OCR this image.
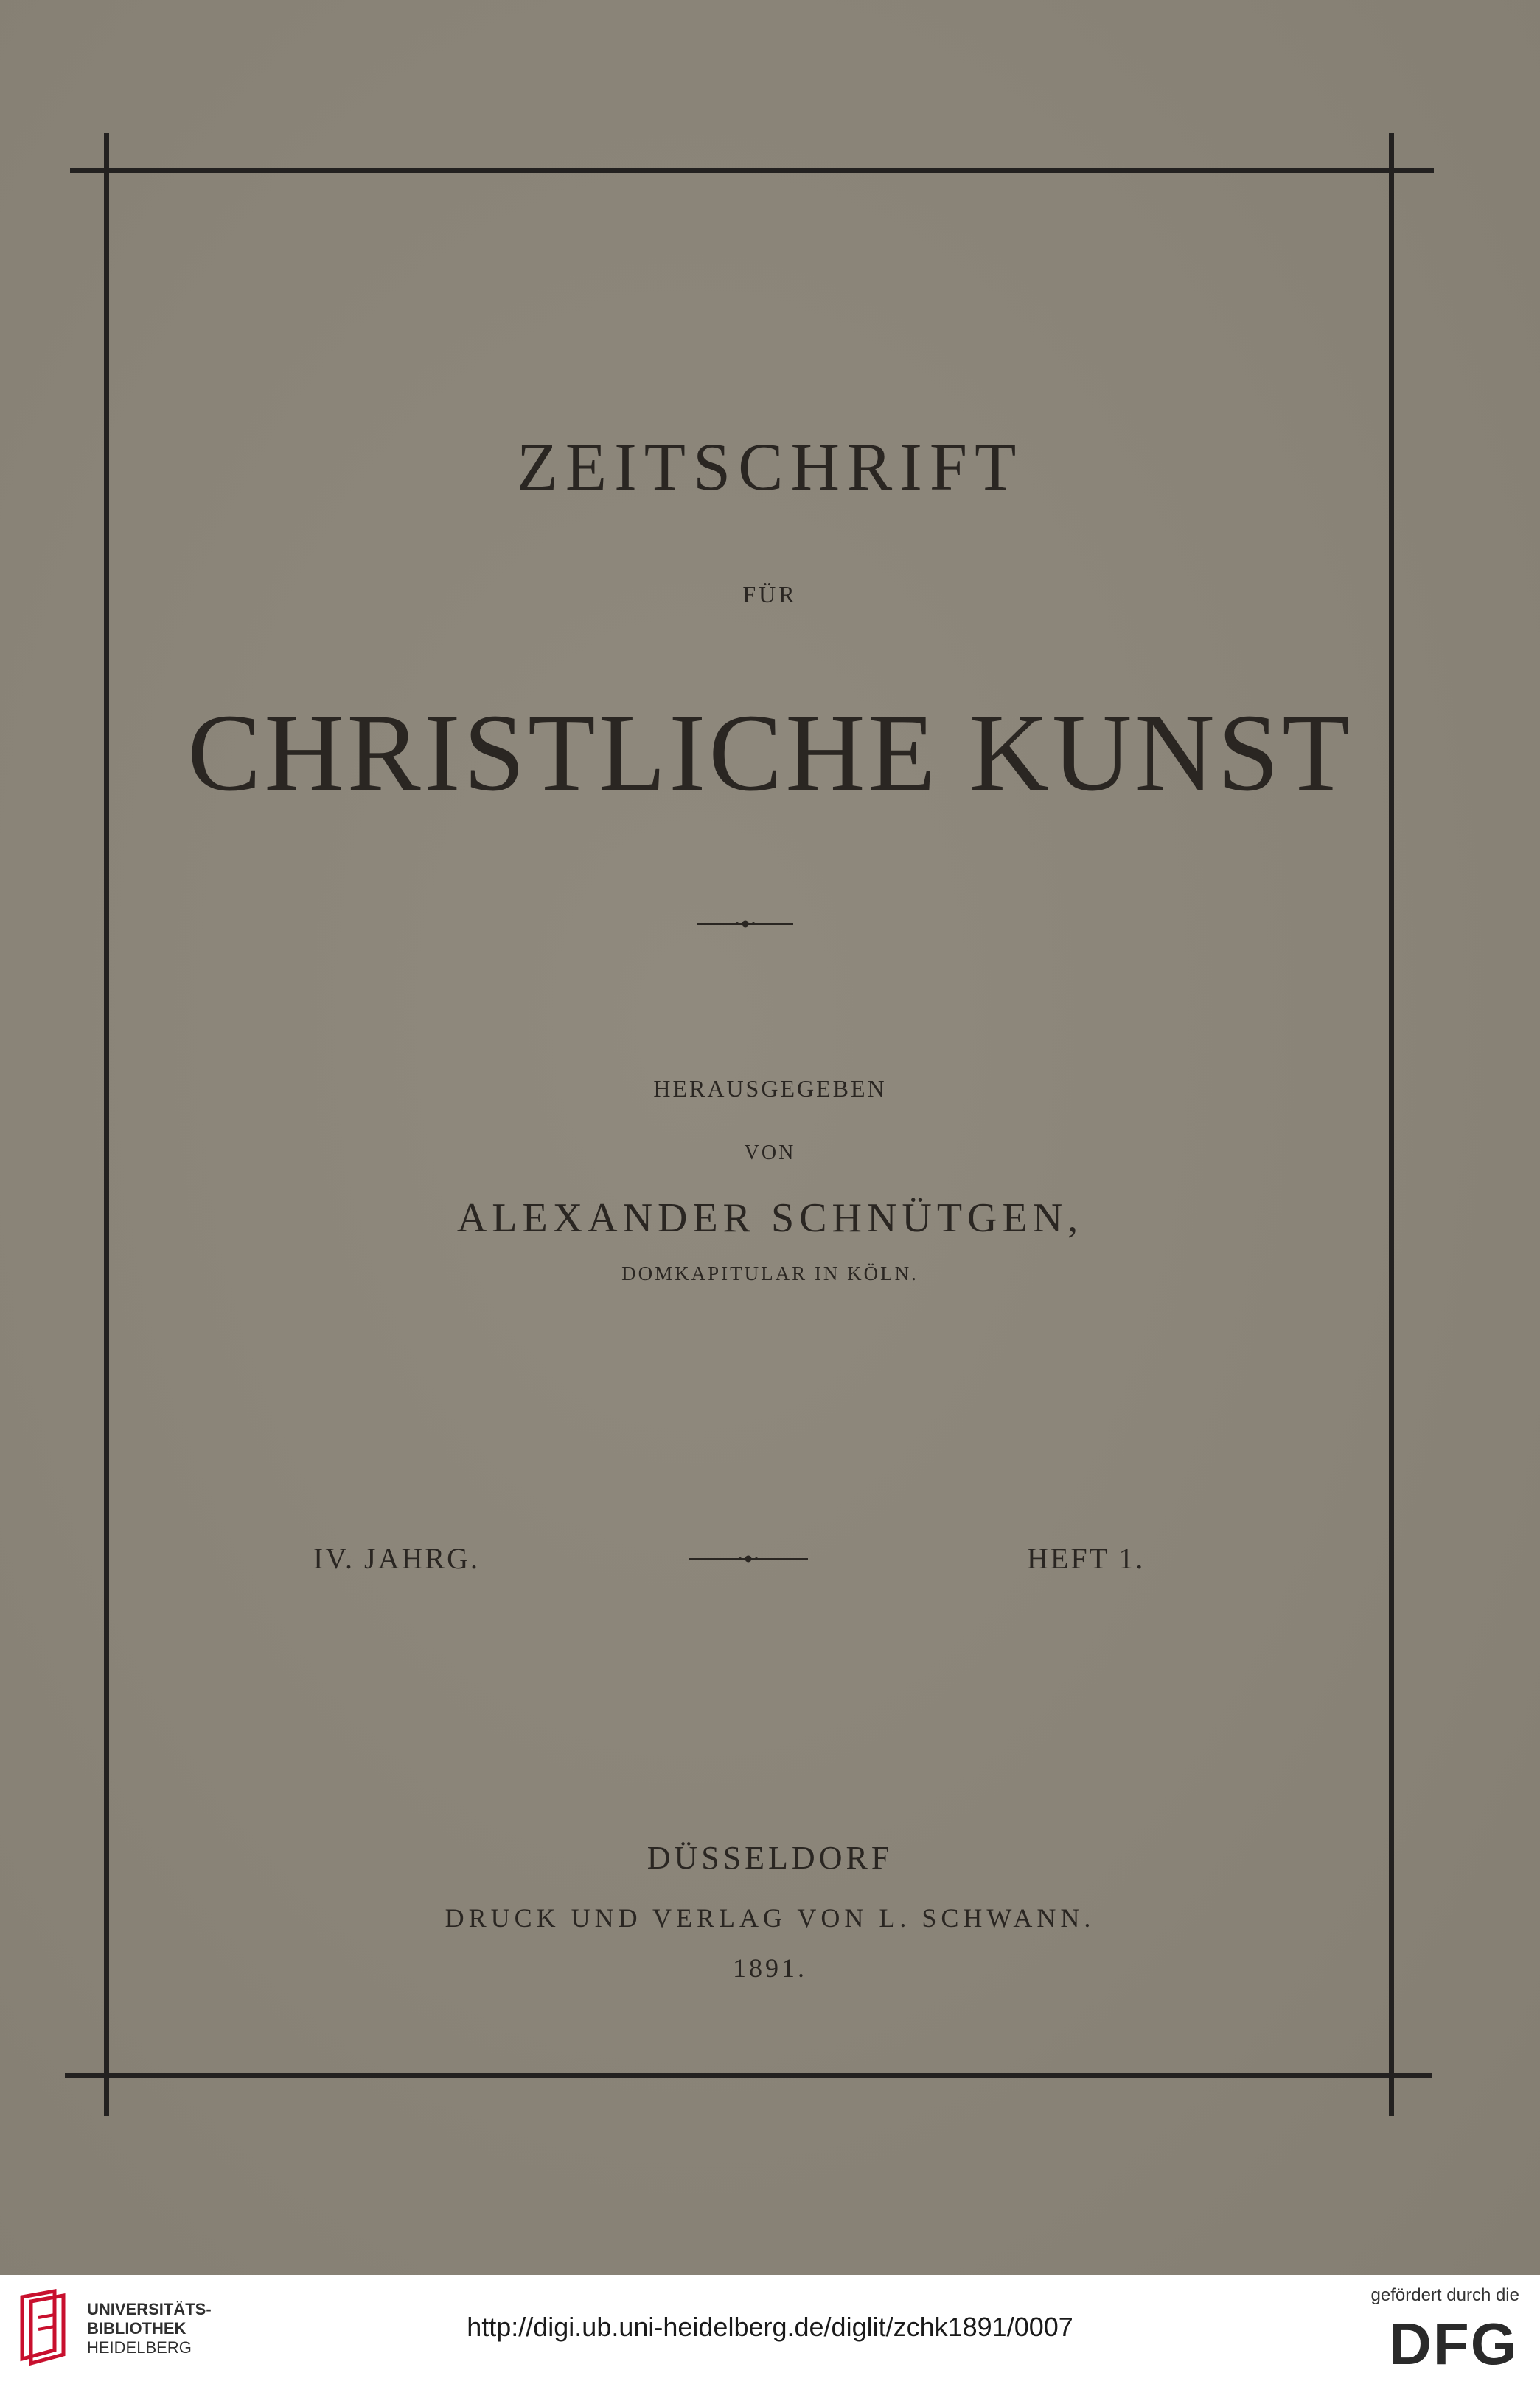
ZEITSCHRIFT
FÜR
CHRISTLICHE KUNST
HERAUSGEGEBEN
VON
ALEXANDER SCHNÜTGEN,
DOMKAPITULAR IN KÖLN.
IV. JAHRG.	HEFT 1.
DÜSSELDORF
DRUCK UND VERLAG VON L. SCHWANN.
1891.
UNIVERSITÄTS-
BIBLIOTHEK
HEIDELBERG
http://digi.ub.uni-heidelberg.de/diglit/zchk1891/0007
gefördert durch die
DFG
